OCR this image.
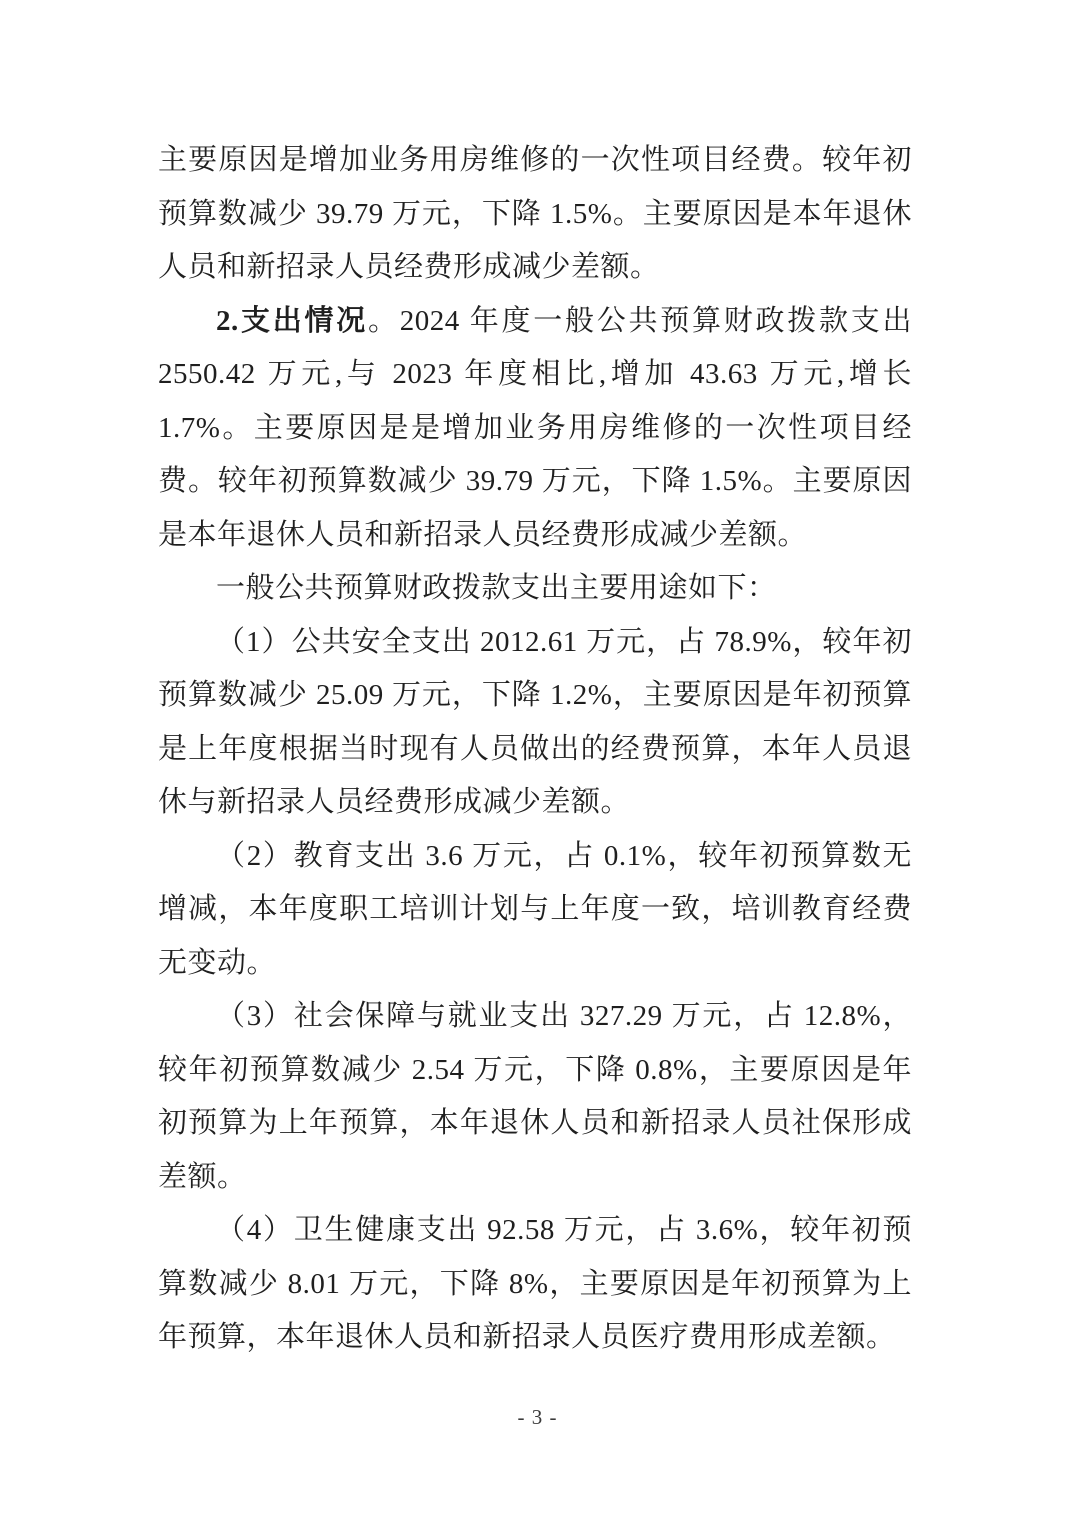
主要原因是增加业务用房维修的一次性项目经费。较年初预算数减少 39.79 万元，下降 1.5%。主要原因是本年退休人员和新招录人员经费形成减少差额。

2.支出情况。2024 年度一般公共预算财政拨款支出 2550.42 万元,与 2023 年度相比,增加 43.63 万元,增长 1.7%。主要原因是是增加业务用房维修的一次性项目经费。较年初预算数减少 39.79 万元，下降 1.5%。主要原因是本年退休人员和新招录人员经费形成减少差额。

一般公共预算财政拨款支出主要用途如下：

（1）公共安全支出 2012.61 万元，占 78.9%，较年初预算数减少 25.09 万元，下降 1.2%，主要原因是年初预算是上年度根据当时现有人员做出的经费预算，本年人员退休与新招录人员经费形成减少差额。

（2）教育支出 3.6 万元，占 0.1%，较年初预算数无增减，本年度职工培训计划与上年度一致，培训教育经费无变动。

（3）社会保障与就业支出 327.29 万元，占 12.8%，较年初预算数减少 2.54 万元，下降 0.8%，主要原因是年初预算为上年预算，本年退休人员和新招录人员社保形成差额。

（4）卫生健康支出 92.58 万元，占 3.6%，较年初预算数减少 8.01 万元，下降 8%，主要原因是年初预算为上年预算，本年退休人员和新招录人员医疗费用形成差额。

- 3 -
